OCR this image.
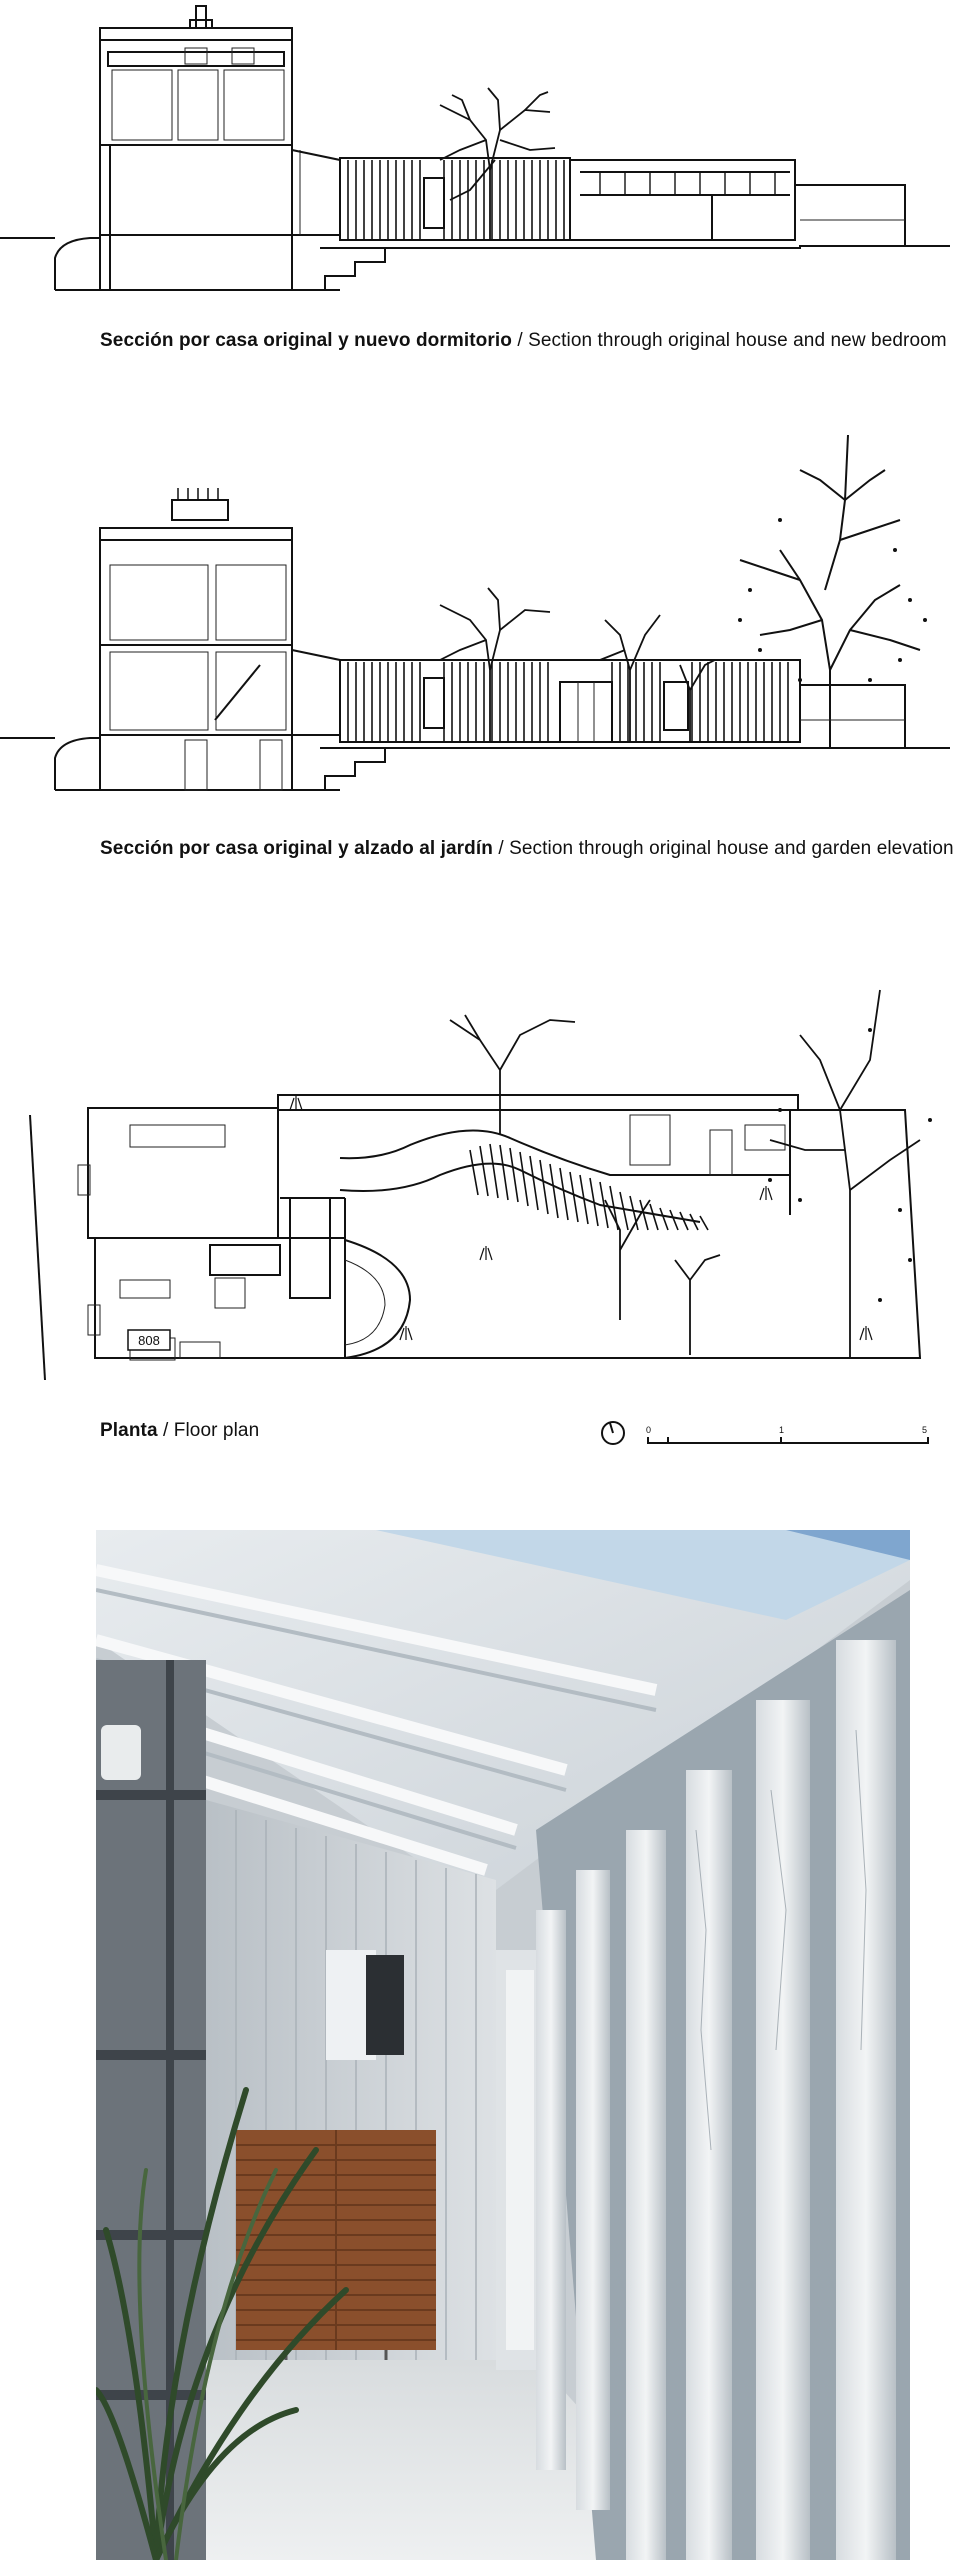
Sección por casa original y nuevo dormitorio / Section through original house and new bedroom
Sección por casa original y alzado al jardín / Section through original house and garden elevation
808
Planta / Floor plan	0	1	5
